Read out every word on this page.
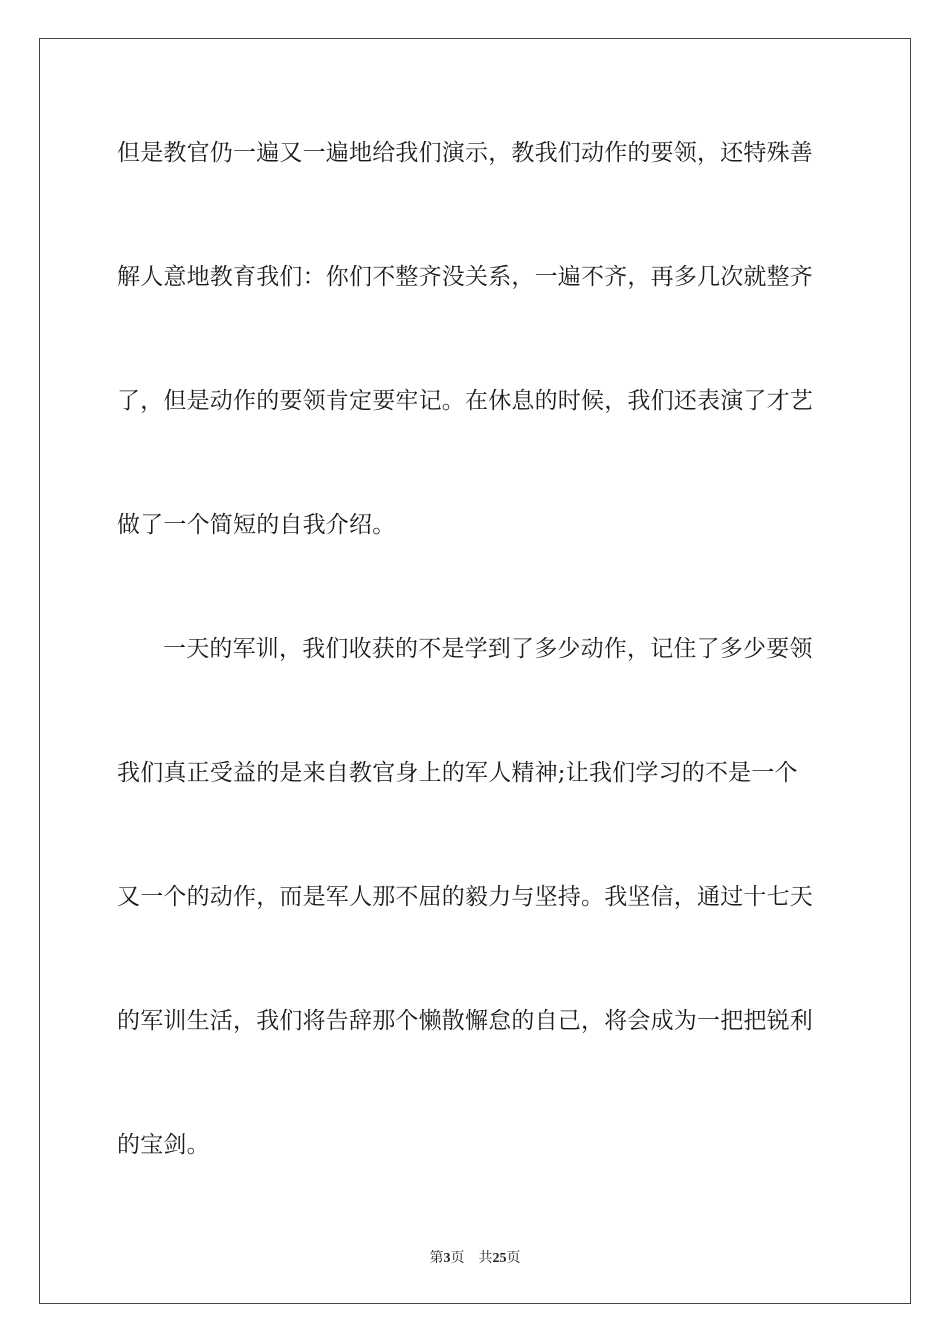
但是教官仍一遍又一遍地给我们演示，教我们动作的要领，还特殊善

解人意地教育我们：你们不整齐没关系，一遍不齐，再多几次就整齐

了，但是动作的要领肯定要牢记。在休息的时候，我们还表演了才艺

做了一个简短的自我介绍。

一天的军训，我们收获的不是学到了多少动作，记住了多少要领

我们真正受益的是来自教官身上的军人精神;让我们学习的不是一个

又一个的动作，而是军人那不屈的毅力与坚持。我坚信，通过十七天

的军训生活，我们将告辞那个懒散懈怠的自己，将会成为一把把锐利

的宝剑。

第3页 共25页
